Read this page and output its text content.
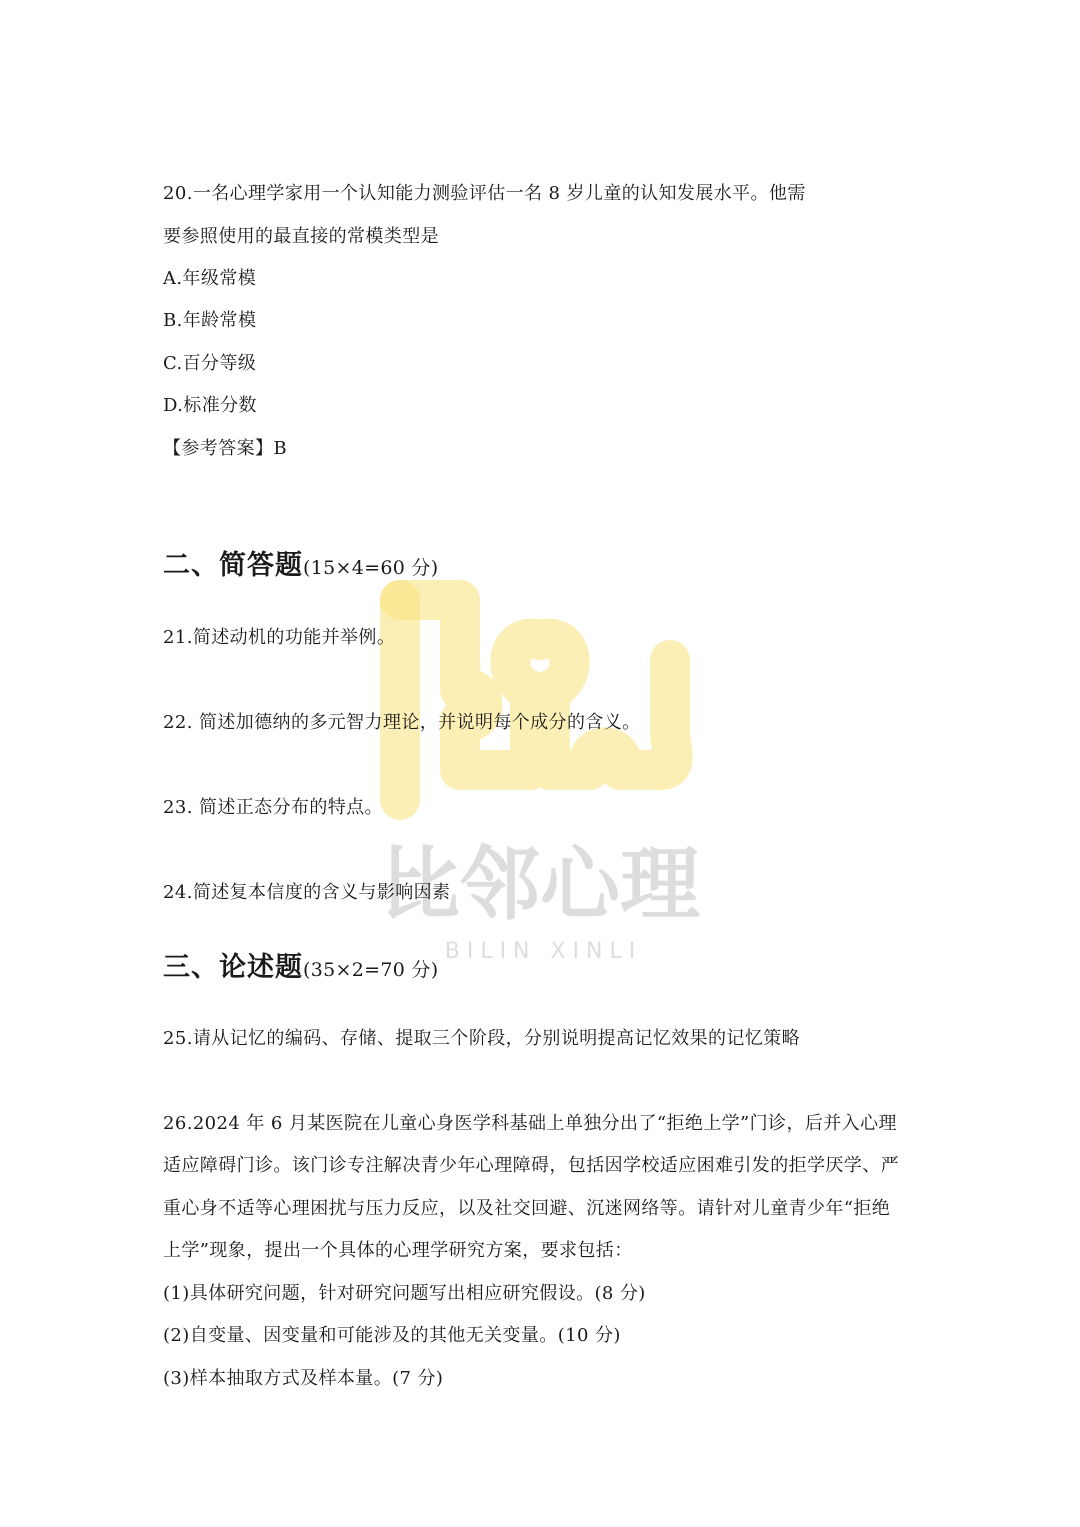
比邻心理
B I L I N   X I N L I
20.一名心理学家用一个认知能力测验评估一名 8 岁儿童的认知发展水平。他需
要参照使用的最直接的常模类型是
A.年级常模
B.年龄常模
C.百分等级
D.标准分数
【参考答案】B
二、简答题(15×4=60 分)
21.简述动机的功能并举例。
22. 简述加德纳的多元智力理论，并说明每个成分的含义。
23. 简述正态分布的特点。
24.简述复本信度的含义与影响因素
三、论述题(35×2=70 分)
25.请从记忆的编码、存储、提取三个阶段，分别说明提高记忆效果的记忆策略
26.2024 年 6 月某医院在儿童心身医学科基础上单独分出了“拒绝上学”门诊，后并入心理
适应障碍门诊。该门诊专注解决青少年心理障碍，包括因学校适应困难引发的拒学厌学、严
重心身不适等心理困扰与压力反应，以及社交回避、沉迷网络等。请针对儿童青少年“拒绝
上学”现象，提出一个具体的心理学研究方案，要求包括：
(1)具体研究问题，针对研究问题写出相应研究假设。(8 分)
(2)自变量、因变量和可能涉及的其他无关变量。(10 分)
(3)样本抽取方式及样本量。(7 分)
